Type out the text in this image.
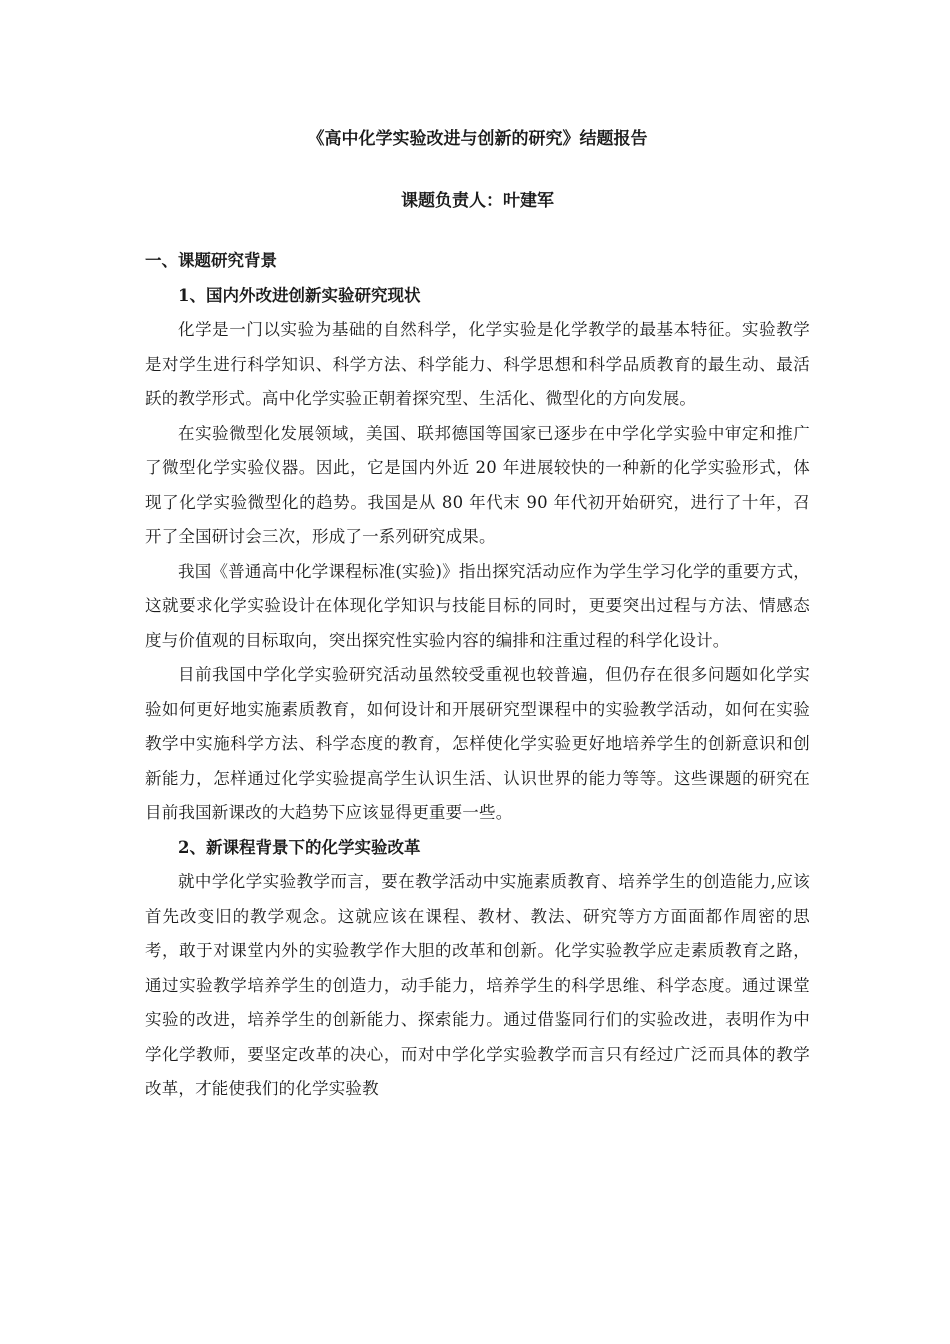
《高中化学实验改进与创新的研究》结题报告
课题负责人：叶建军
一、课题研究背景
1、国内外改进创新实验研究现状

化学是一门以实验为基础的自然科学，化学实验是化学教学的最基本特征。实验教学是对学生进行科学知识、科学方法、科学能力、科学思想和科学品质教育的最生动、最活跃的教学形式。高中化学实验正朝着探究型、生活化、微型化的方向发展。

在实验微型化发展领域，美国、联邦德国等国家已逐步在中学化学实验中审定和推广了微型化学实验仪器。因此，它是国内外近 20 年进展较快的一种新的化学实验形式，体现了化学实验微型化的趋势。我国是从 80 年代末 90 年代初开始研究，进行了十年，召开了全国研讨会三次，形成了一系列研究成果。

我国《普通高中化学课程标准(实验)》指出探究活动应作为学生学习化学的重要方式，这就要求化学实验设计在体现化学知识与技能目标的同时，更要突出过程与方法、情感态度与价值观的目标取向，突出探究性实验内容的编排和注重过程的科学化设计。

目前我国中学化学实验研究活动虽然较受重视也较普遍，但仍存在很多问题如化学实验如何更好地实施素质教育，如何设计和开展研究型课程中的实验教学活动，如何在实验教学中实施科学方法、科学态度的教育，怎样使化学实验更好地培养学生的创新意识和创新能力，怎样通过化学实验提高学生认识生活、认识世界的能力等等。这些课题的研究在目前我国新课改的大趋势下应该显得更重要一些。

2、新课程背景下的化学实验改革

就中学化学实验教学而言，要在教学活动中实施素质教育、培养学生的创造能力,应该首先改变旧的教学观念。这就应该在课程、教材、教法、研究等方方面面都作周密的思考，敢于对课堂内外的实验教学作大胆的改革和创新。化学实验教学应走素质教育之路，通过实验教学培养学生的创造力，动手能力，培养学生的科学思维、科学态度。通过课堂实验的改进，培养学生的创新能力、探索能力。通过借鉴同行们的实验改进，表明作为中学化学教师，要坚定改革的决心，而对中学化学实验教学而言只有经过广泛而具体的教学改革，才能使我们的化学实验教
